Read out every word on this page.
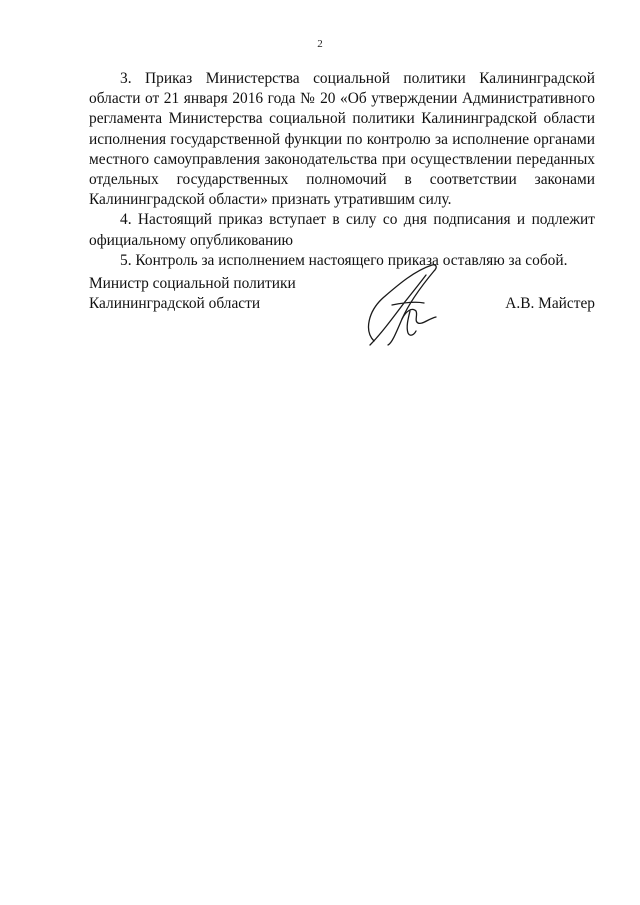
2

3. Приказ Министерства социальной политики Калининградской области от 21 января 2016 года № 20 «Об утверждении Административного регламента Министерства социальной политики Калининградской области исполнения государственной функции по контролю за исполнение органами местного самоуправления законодательства при осуществлении переданных отдельных государственных полномочий в соответствии законами Калининградской области» признать утратившим силу.

4. Настоящий приказ вступает в силу со дня подписания и подлежит официальному опубликованию

5. Контроль за исполнением настоящего приказа оставляю за собой.

Министр социальной политики
Калининградской области	А.В. Майстер
